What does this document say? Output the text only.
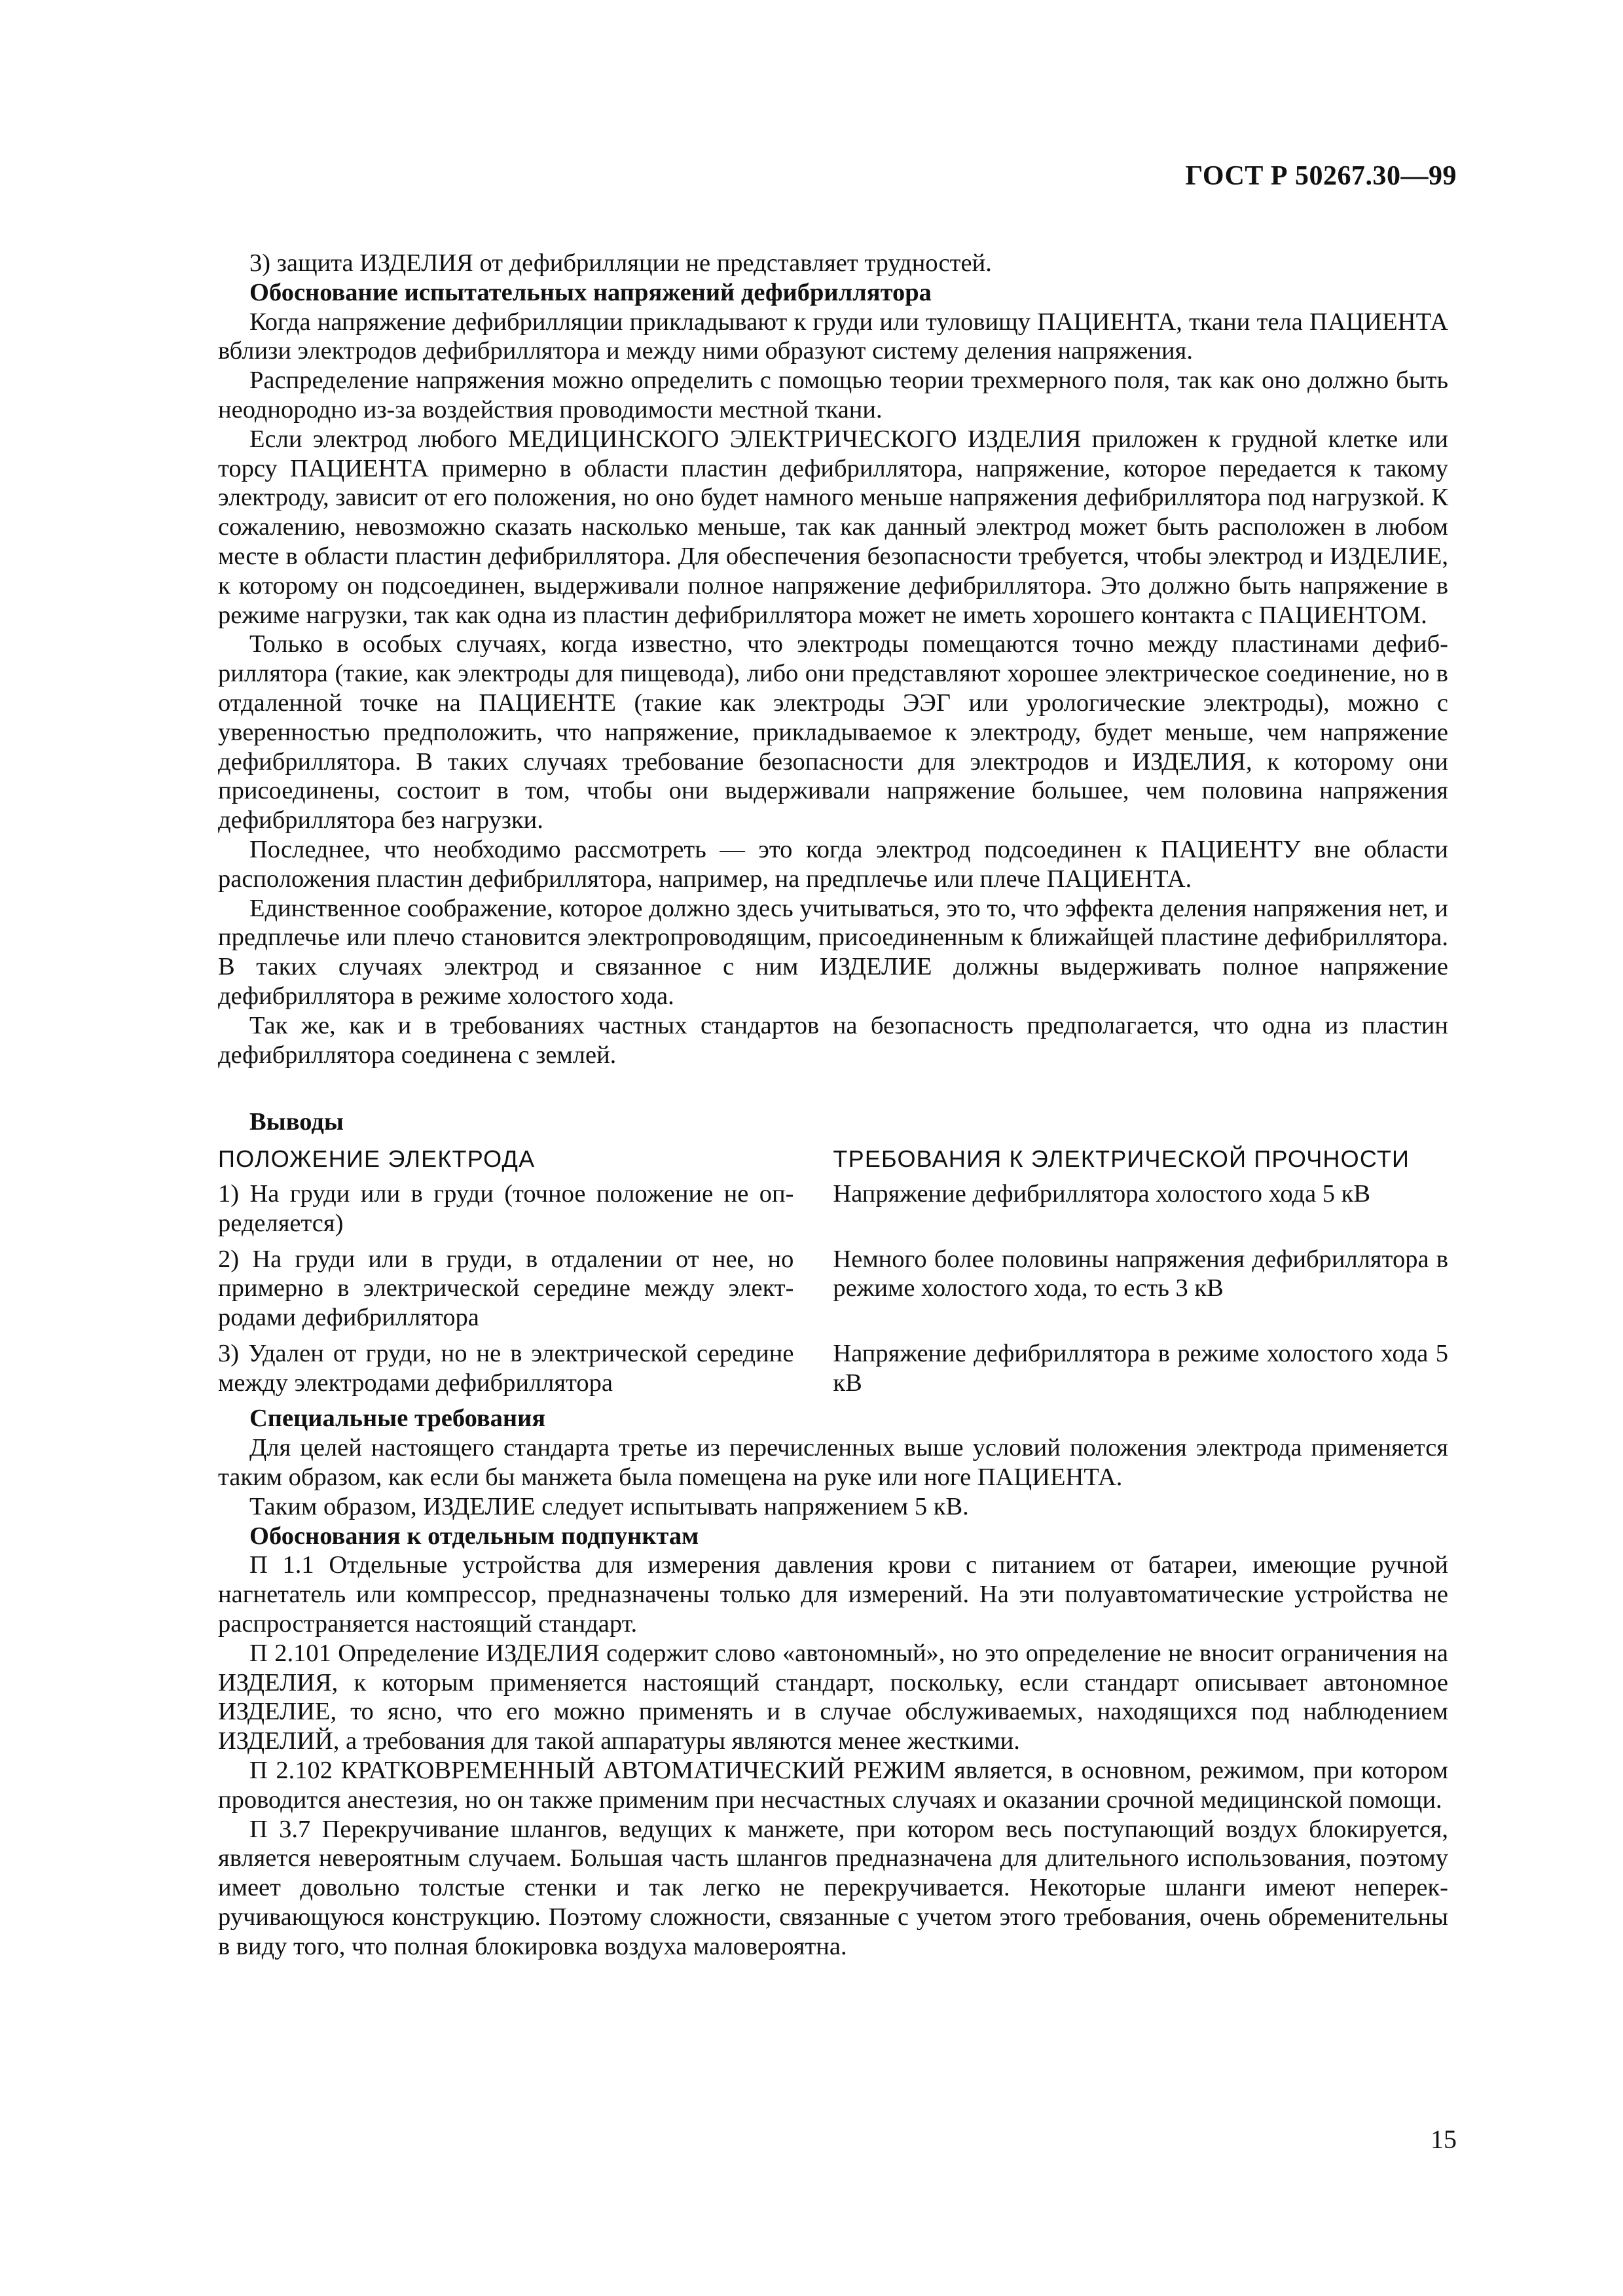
ГОСТ Р 50267.30—99

3) защита ИЗДЕЛИЯ от дефибрилляции не представляет трудностей.

Обоснование испытательных напряжений дефибриллятора

Когда напряжение дефибрилляции прикладывают к груди или туловищу ПАЦИЕНТА, ткани тела ПАЦИЕНТА вблизи электродов дефибриллятора и между ними образуют систему деления напряжения.

Распределение напряжения можно определить с помощью теории трехмерного поля, так как оно должно быть неоднородно из-за воздействия проводимости местной ткани.

Если электрод любого МЕДИЦИНСКОГО ЭЛЕКТРИЧЕСКОГО ИЗДЕЛИЯ приложен к грудной клетке или торсу ПАЦИЕНТА примерно в области пластин дефибриллятора, напряжение, которое передается к такому электроду, зависит от его положения, но оно будет намного меньше напряжения дефибриллятора под нагрузкой. К сожалению, невозможно сказать насколько меньше, так как данный электрод может быть расположен в любом месте в области пластин дефибриллятора. Для обеспечения безопасности требуется, чтобы электрод и ИЗДЕЛИЕ, к которому он подсоединен, выдерживали полное напряжение дефибриллятора. Это должно быть напряжение в режиме нагрузки, так как одна из пластин дефибриллятора может не иметь хорошего контакта с ПАЦИЕНТОМ.

Только в особых случаях, когда известно, что электроды помещаются точно между пластинами дефибриллятора (такие, как электроды для пищевода), либо они представляют хорошее электрическое соединение, но в отдаленной точке на ПАЦИЕНТЕ (такие как электроды ЭЭГ или урологические электроды), можно с уверенностью предположить, что напряжение, прикладываемое к электроду, будет меньше, чем напряжение дефибриллятора. В таких случаях требование безопасности для электродов и ИЗДЕЛИЯ, к которому они присоединены, состоит в том, чтобы они выдерживали напряжение большее, чем половина напряжения дефибриллятора без нагрузки.

Последнее, что необходимо рассмотреть — это когда электрод подсоединен к ПАЦИЕНТУ вне области расположения пластин дефибриллятора, например, на предплечье или плече ПАЦИЕНТА.

Единственное соображение, которое должно здесь учитываться, это то, что эффекта деления напряжения нет, и предплечье или плечо становится электропроводящим, присоединенным к ближайщей пластине дефибриллятора. В таких случаях электрод и связанное с ним ИЗДЕЛИЕ должны выдерживать полное напряжение дефибриллятора в режиме холостого хода.

Так же, как и в требованиях частных стандартов на безопасность предполагается, что одна из пластин дефибриллятора соединена с землей.

Выводы
ПОЛОЖЕНИЕ ЭЛЕКТРОДА	ТРЕБОВАНИЯ К ЭЛЕКТРИЧЕСКОЙ ПРОЧНОСТИ
1) На груди или в груди (точное положение не определяется)	Напряжение дефибриллятора холостого хода 5 кВ
2) На груди или в груди, в отдалении от нее, но примерно в электрической середине между электродами дефибриллятора	Немного более половины напряжения дефибриллятора в режиме холостого хода, то есть 3 кВ
3) Удален от груди, но не в электрической середине между электродами дефибриллятора	Напряжение дефибриллятора в режиме холостого хода 5 кВ
Специальные требования

Для целей настоящего стандарта третье из перечисленных выше условий положения электрода применяется таким образом, как если бы манжета была помещена на руке или ноге ПАЦИЕНТА.

Таким образом, ИЗДЕЛИЕ следует испытывать напряжением 5 кВ.

Обоснования к отдельным подпунктам

П 1.1 Отдельные устройства для измерения давления крови с питанием от батареи, имеющие ручной нагнетатель или компрессор, предназначены только для измерений. На эти полуавтоматические устройства не распространяется настоящий стандарт.

П 2.101 Определение ИЗДЕЛИЯ содержит слово «автономный», но это определение не вносит ограничения на ИЗДЕЛИЯ, к которым применяется настоящий стандарт, поскольку, если стандарт описывает автономное ИЗДЕЛИЕ, то ясно, что его можно применять и в случае обслуживаемых, находящихся под наблюдением ИЗДЕЛИЙ, а требования для такой аппаратуры являются менее жесткими.

П 2.102 КРАТКОВРЕМЕННЫЙ АВТОМАТИЧЕСКИЙ РЕЖИМ является, в основном, режимом, при котором проводится анестезия, но он также применим при несчастных случаях и оказании срочной медицинской помощи.

П 3.7 Перекручивание шлангов, ведущих к манжете, при котором весь поступающий воздух блокируется, является невероятным случаем. Большая часть шлангов предназначена для длительного использования, поэтому имеет довольно толстые стенки и так легко не перекручивается. Некоторые шланги имеют неперекручивающуюся конструкцию. Поэтому сложности, связанные с учетом этого требования, очень обременительны в виду того, что полная блокировка воздуха маловероятна.

15
